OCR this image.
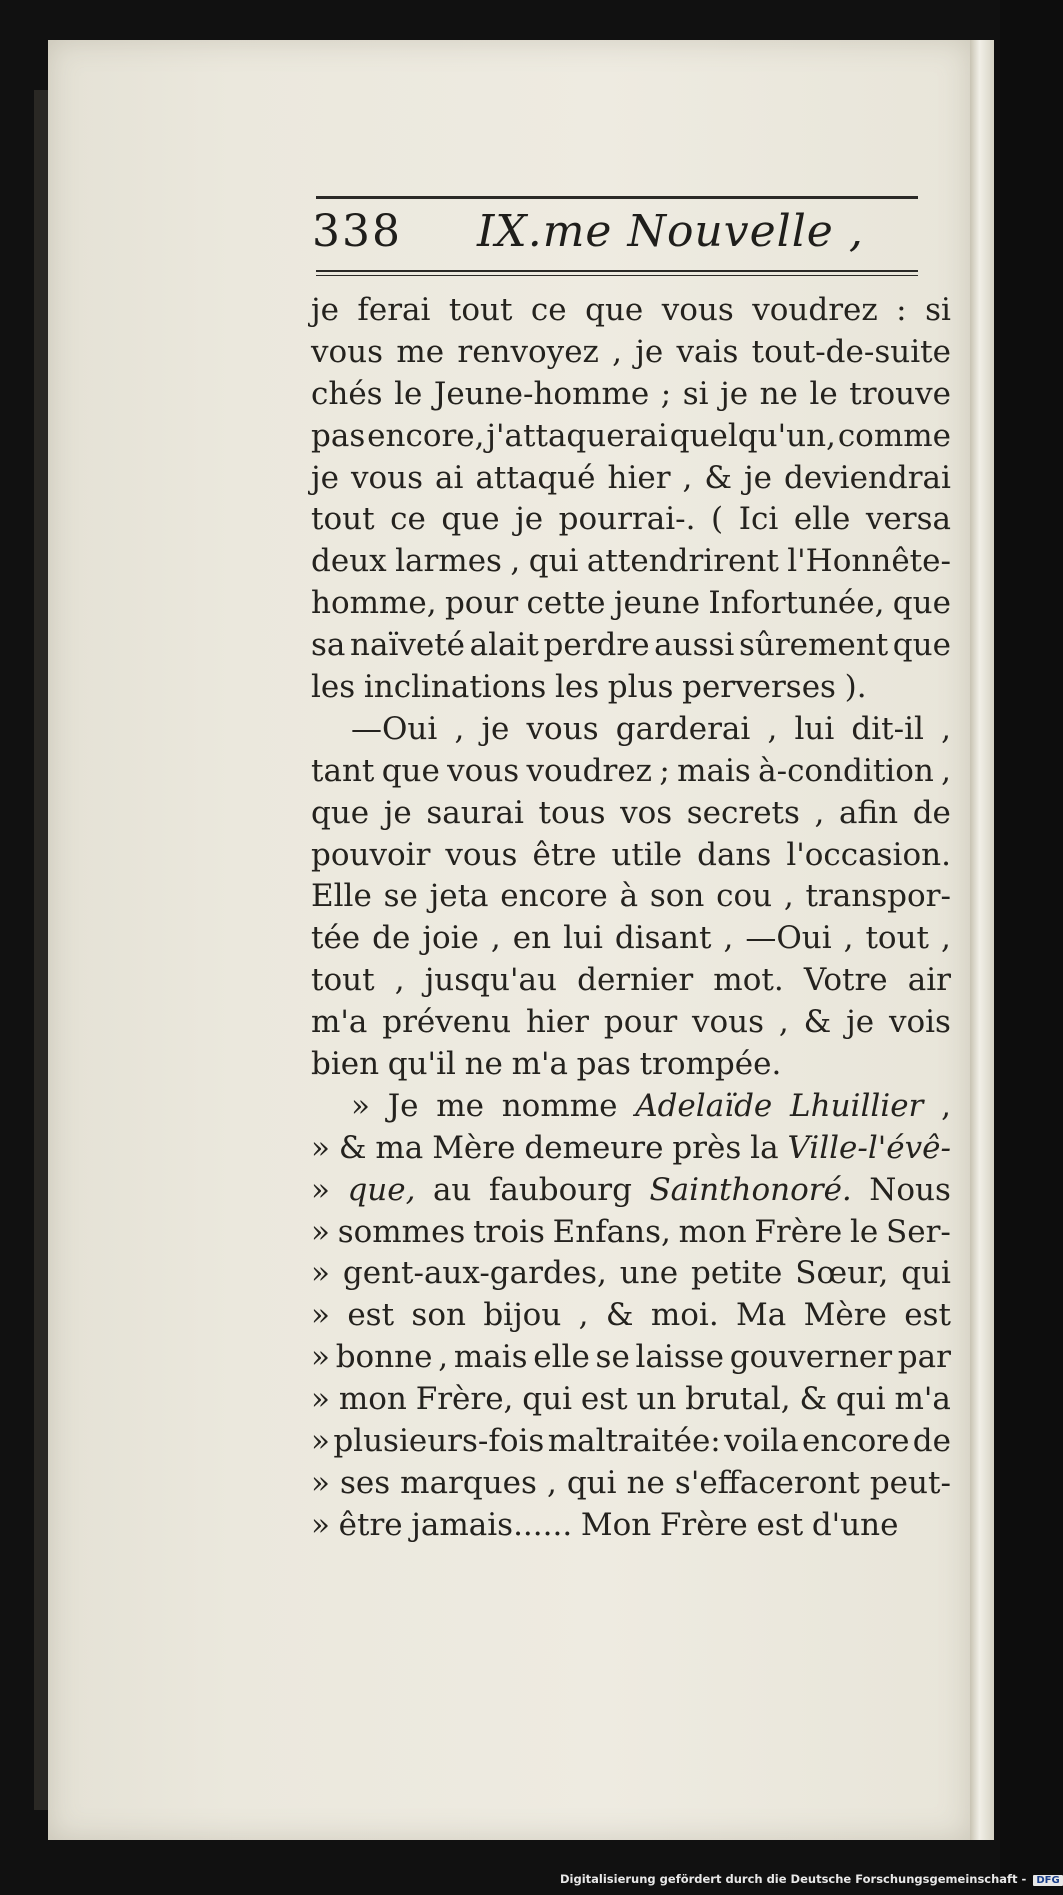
338 IX.me Nouvelle ,
je ferai tout ce que vous voudrez : si
vous me renvoyez , je vais tout-de-suite
chés le Jeune-homme ; si je ne le trouve
pas encore, j'attaquerai quelqu'un, comme
je vous ai attaqué hier , & je deviendrai
tout ce que je pourrai-. ( Ici elle versa
deux larmes , qui attendrirent l'Honnête-
homme, pour cette jeune Infortunée, que
sa naïveté alait perdre aussi sûrement que
les inclinations les plus perverses ).
—Oui , je vous garderai , lui dit-il ,
tant que vous voudrez ; mais à-condition ,
que je saurai tous vos secrets , afin de
pouvoir vous être utile dans l'occasion.
Elle se jeta encore à son cou , transpor-
tée de joie , en lui disant , —Oui , tout ,
tout , jusqu'au dernier mot. Votre air
m'a prévenu hier pour vous , & je vois
bien qu'il ne m'a pas trompée.
» Je me nomme Adelaïde Lhuillier ,
» & ma Mère demeure près la Ville-l'évê-
» que, au faubourg Sainthonoré. Nous
» sommes trois Enfans, mon Frère le Ser-
» gent-aux-gardes, une petite Sœur, qui
» est son bijou , & moi. Ma Mère est
» bonne , mais elle se laisse gouverner par
» mon Frère, qui est un brutal, & qui m'a
» plusieurs-fois maltraitée: voila encore de
» ses marques , qui ne s'effaceront peut-
» être jamais...... Mon Frère est d'une
Digitalisierung gefördert durch die Deutsche Forschungsgemeinschaft - DFG
